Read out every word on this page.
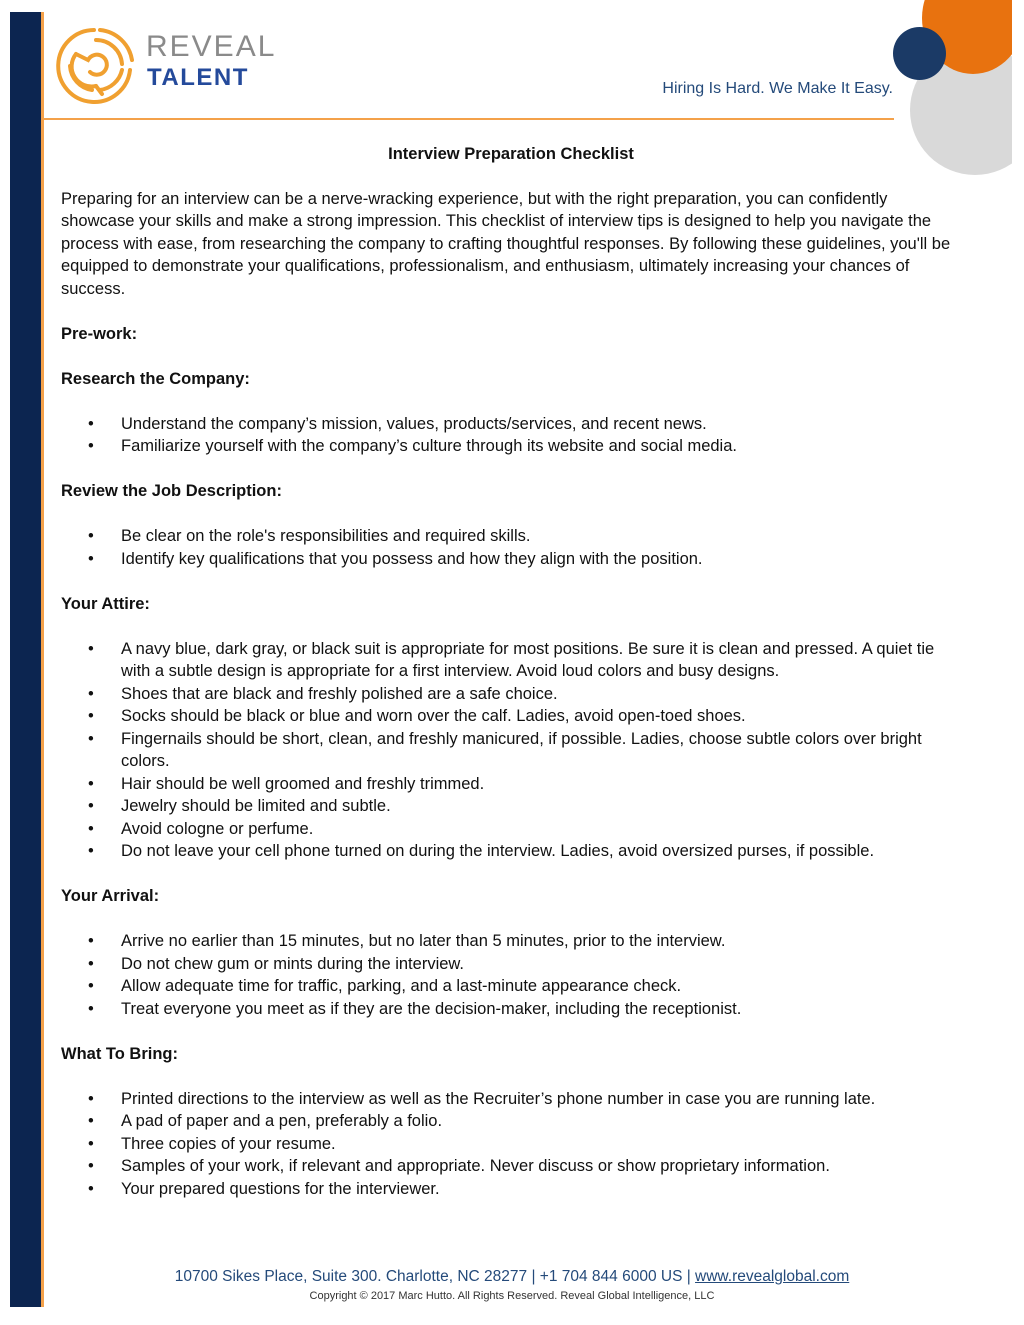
REVEAL
TALENT	Hiring Is Hard. We Make It Easy.
Interview Preparation Checklist

Preparing for an interview can be a nerve-wracking experience, but with the right preparation, you can confidently showcase your skills and make a strong impression. This checklist of interview tips is designed to help you navigate the process with ease, from researching the company to crafting thoughtful responses. By following these guidelines, you'll be equipped to demonstrate your qualifications, professionalism, and enthusiasm, ultimately increasing your chances of success.

Pre-work:
Research the Company:
• Understand the company’s mission, values, products/services, and recent news.
• Familiarize yourself with the company’s culture through its website and social media.
Review the Job Description:
• Be clear on the role's responsibilities and required skills.
• Identify key qualifications that you possess and how they align with the position.
Your Attire:
• A navy blue, dark gray, or black suit is appropriate for most positions. Be sure it is clean and pressed. A quiet tie with a subtle design is appropriate for a first interview. Avoid loud colors and busy designs.
• Shoes that are black and freshly polished are a safe choice.
• Socks should be black or blue and worn over the calf. Ladies, avoid open-toed shoes.
• Fingernails should be short, clean, and freshly manicured, if possible. Ladies, choose subtle colors over bright colors.
• Hair should be well groomed and freshly trimmed.
• Jewelry should be limited and subtle.
• Avoid cologne or perfume.
• Do not leave your cell phone turned on during the interview. Ladies, avoid oversized purses, if possible.
Your Arrival:
• Arrive no earlier than 15 minutes, but no later than 5 minutes, prior to the interview.
• Do not chew gum or mints during the interview.
• Allow adequate time for traffic, parking, and a last-minute appearance check.
• Treat everyone you meet as if they are the decision-maker, including the receptionist.
What To Bring:
• Printed directions to the interview as well as the Recruiter’s phone number in case you are running late.
• A pad of paper and a pen, preferably a folio.
• Three copies of your resume.
• Samples of your work, if relevant and appropriate. Never discuss or show proprietary information.
• Your prepared questions for the interviewer.
10700 Sikes Place, Suite 300. Charlotte, NC 28277 | +1 704 844 6000 US | www.revealglobal.com
Copyright © 2017 Marc Hutto. All Rights Reserved. Reveal Global Intelligence, LLC
